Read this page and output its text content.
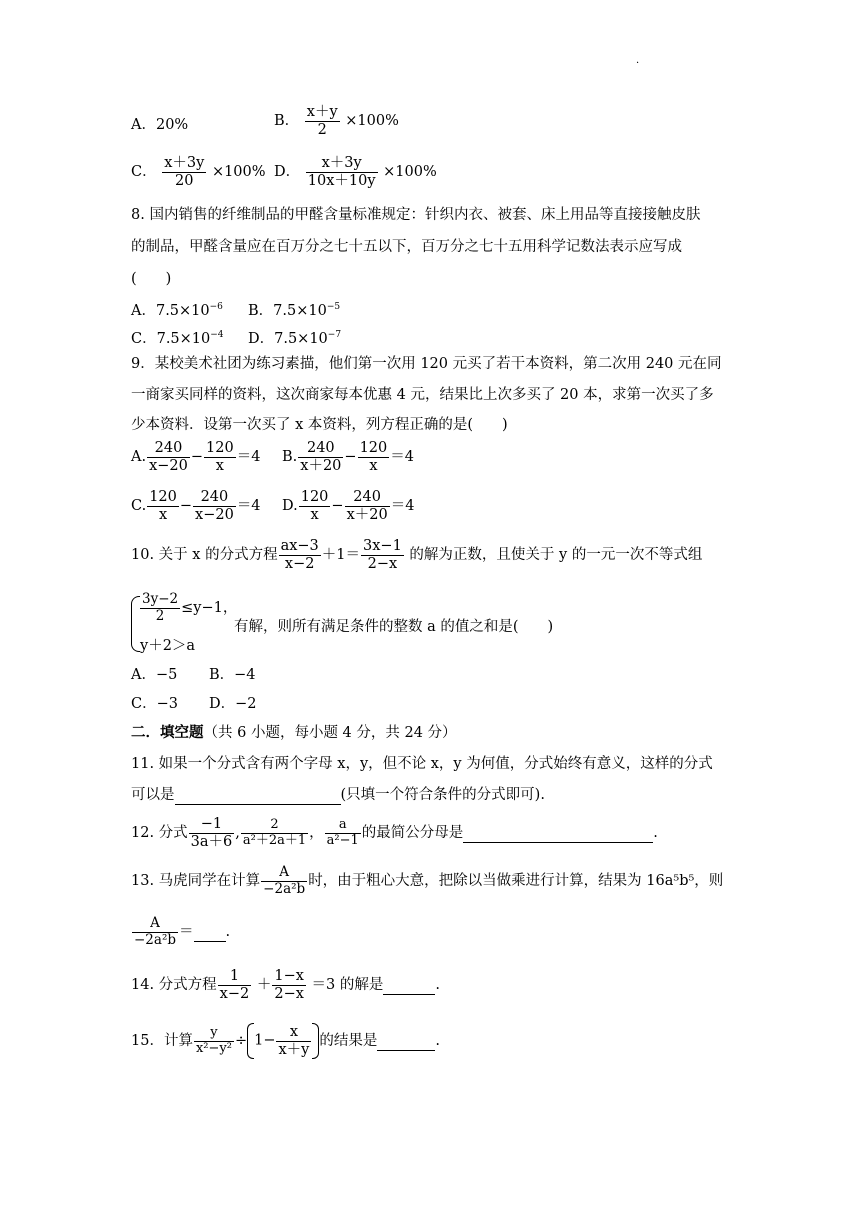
·
A．20%	B． $\frac{x+y}{2} \times 100\%$
C． $\frac{x+3y}{20} \times 100\%$ D． $\frac{x+3y}{10x+10y} \times 100\%$
8. 国内销售的纤维制品的甲醛含量标准规定：针织内衣、被套、床上用品等直接接触皮肤
的制品，甲醛含量应在百万分之七十五以下，百万分之七十五用科学记数法表示应写成
(　　)
A．$7.5\times 10^{-6}$ B．$7.5\times 10^{-5}$
C．$7.5\times 10^{-4}$ D．$7.5\times 10^{-7}$
9．某校美术社团为练习素描，他们第一次用 120 元买了若干本资料，第二次用 240 元在同
一商家买同样的资料，这次商家每本优惠 4 元，结果比上次多买了 20 本，求第一次买了多
少本资料．设第一次买了 x 本资料，列方程正确的是(　　)
A. $\frac{240}{x-20} - \frac{120}{x} =4$ B. $\frac{240}{x+20} - \frac{120}{x} =4$
C. $\frac{120}{x} - \frac{240}{x-20} =4$ D. $\frac{120}{x} - \frac{240}{x+20} =4$
10. 关于 x 的分式方程 $\frac{ax-3}{x-2} +1= \frac{3x-1}{2-x}$ 的解为正数，且使关于 y 的一元一次不等式组
$\frac{3y-2}{2} \le y-1$，
y＋2＞a
有解，则所有满足条件的整数 a 的值之和是(　　)
A．−5 B．−4
C．−3 D．−2
二．填空题（共 6 小题，每小题 4 分，共 24 分）
11. 如果一个分式含有两个字母 x，y，但不论 x，y 为何值，分式始终有意义，这样的分式
可以是	(只填一个符合条件的分式即可).
12. 分式 $\frac{-1}{3a+6}$ , $\frac{2}{\text{a²＋2a＋1}}$ ， $\frac{a}{\text{a²−1}}$ 的最简公分母是	.
13. 马虎同学在计算 $\frac{A}{\text{−2a²b}}$ 时，由于粗心大意，把除以当做乘进行计算，结果为 16a⁵b⁵，则
$\frac{A}{\text{−2a²b}}$ ＝ .
14. 分式方程 $\frac{1}{x-2} + \frac{1-x}{2-x} =3$ 的解是	.
15．计算 $\frac{y}{\text{x²−y²}} \div 1- \frac{x}{x+y}$ 的结果是	.
